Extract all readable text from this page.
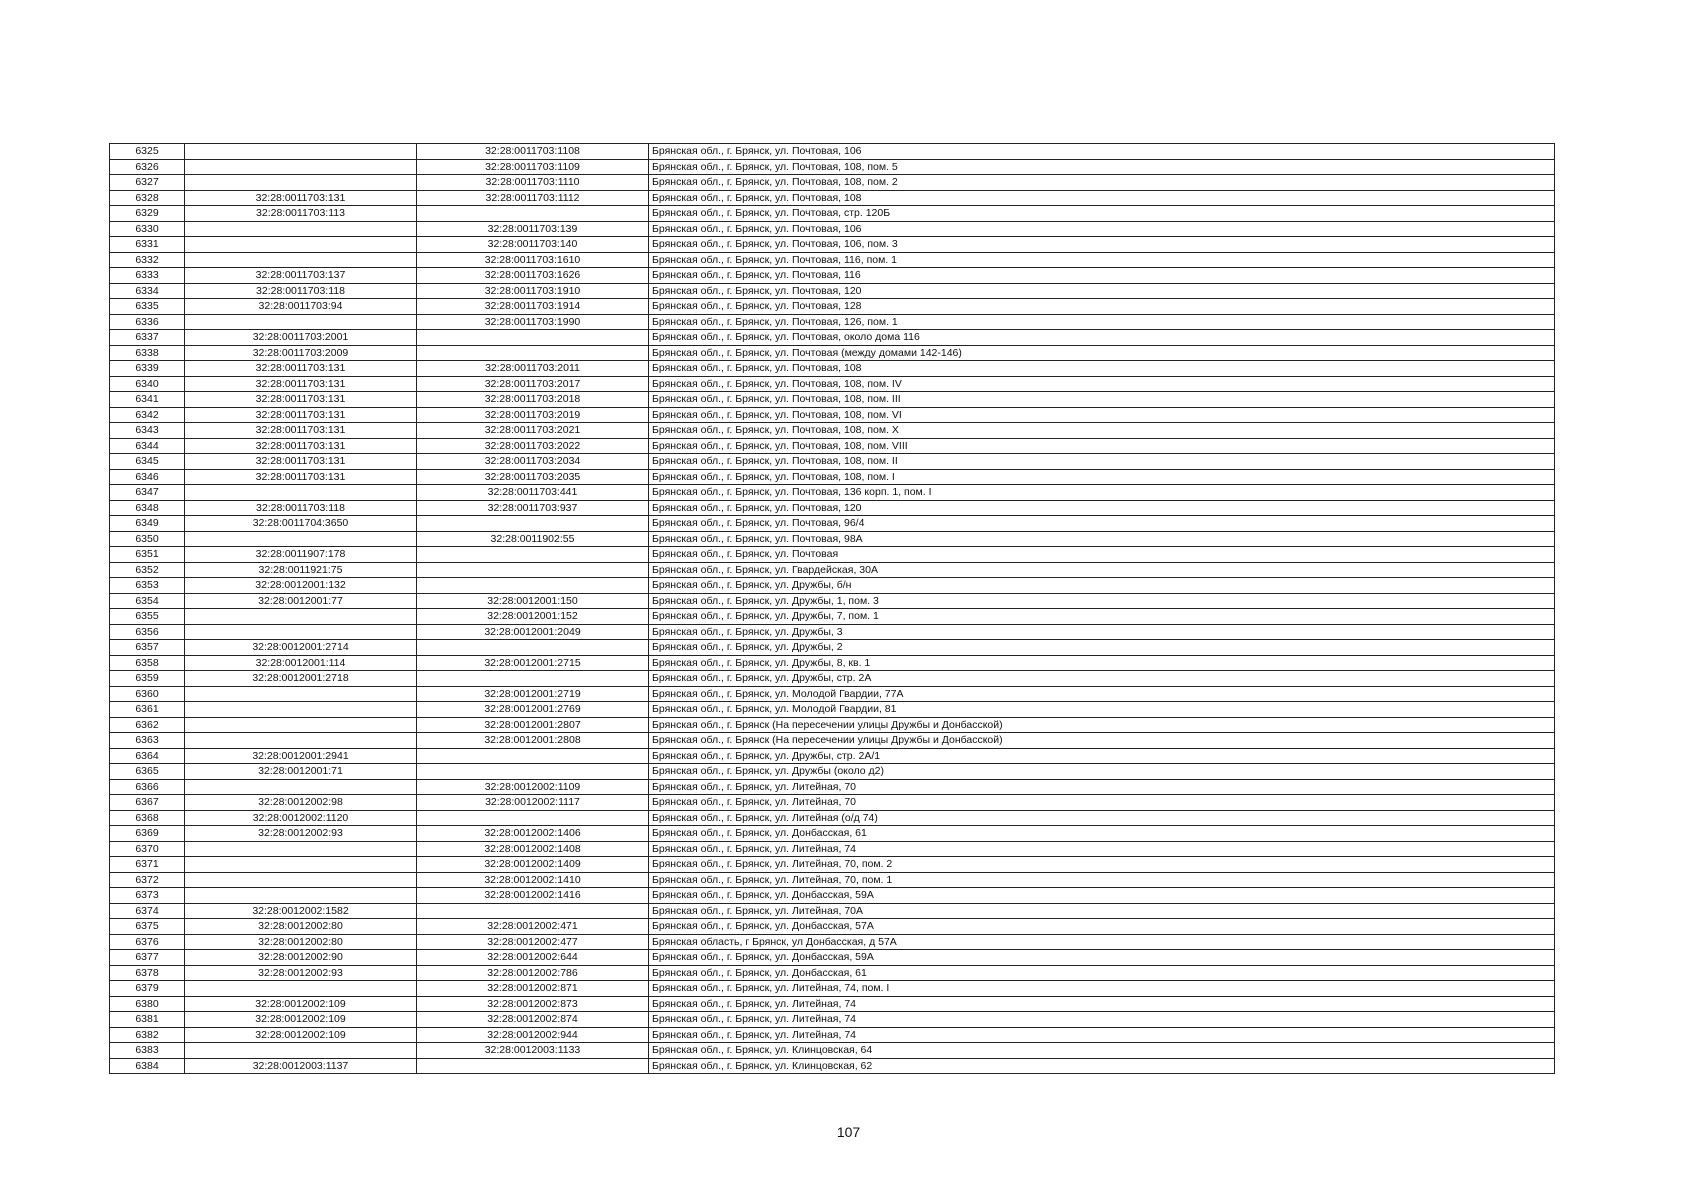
6325		32:28:0011703:1108	Брянская обл., г. Брянск, ул. Почтовая, 106
6326		32:28:0011703:1109	Брянская обл., г. Брянск, ул. Почтовая, 108, пом. 5
6327		32:28:0011703:1110	Брянская обл., г. Брянск, ул. Почтовая, 108, пом. 2
6328	32:28:0011703:131	32:28:0011703:1112	Брянская обл., г. Брянск, ул. Почтовая, 108
6329	32:28:0011703:113		Брянская обл., г. Брянск, ул. Почтовая, стр. 120Б
6330		32:28:0011703:139	Брянская обл., г. Брянск, ул. Почтовая, 106
6331		32:28:0011703:140	Брянская обл., г. Брянск, ул. Почтовая, 106, пом. 3
6332		32:28:0011703:1610	Брянская обл., г. Брянск, ул. Почтовая, 116, пом. 1
6333	32:28:0011703:137	32:28:0011703:1626	Брянская обл., г. Брянск, ул. Почтовая, 116
6334	32:28:0011703:118	32:28:0011703:1910	Брянская обл., г. Брянск, ул. Почтовая, 120
6335	32:28:0011703:94	32:28:0011703:1914	Брянская обл., г. Брянск, ул. Почтовая, 128
6336		32:28:0011703:1990	Брянская обл., г. Брянск, ул. Почтовая, 126, пом. 1
6337	32:28:0011703:2001		Брянская обл., г. Брянск, ул. Почтовая, около дома 116
6338	32:28:0011703:2009		Брянская обл., г. Брянск, ул. Почтовая (между домами 142-146)
6339	32:28:0011703:131	32:28:0011703:2011	Брянская обл., г. Брянск, ул. Почтовая, 108
6340	32:28:0011703:131	32:28:0011703:2017	Брянская обл., г. Брянск, ул. Почтовая, 108, пом. IV
6341	32:28:0011703:131	32:28:0011703:2018	Брянская обл., г. Брянск, ул. Почтовая, 108, пом. III
6342	32:28:0011703:131	32:28:0011703:2019	Брянская обл., г. Брянск, ул. Почтовая, 108, пом. VI
6343	32:28:0011703:131	32:28:0011703:2021	Брянская обл., г. Брянск, ул. Почтовая, 108, пом. X
6344	32:28:0011703:131	32:28:0011703:2022	Брянская обл., г. Брянск, ул. Почтовая, 108, пом. VIII
6345	32:28:0011703:131	32:28:0011703:2034	Брянская обл., г. Брянск, ул. Почтовая, 108, пом. II
6346	32:28:0011703:131	32:28:0011703:2035	Брянская обл., г. Брянск, ул. Почтовая, 108, пом. I
6347		32:28:0011703:441	Брянская обл., г. Брянск, ул. Почтовая, 136 корп. 1, пом. I
6348	32:28:0011703:118	32:28:0011703:937	Брянская обл., г. Брянск, ул. Почтовая, 120
6349	32:28:0011704:3650		Брянская обл., г. Брянск, ул. Почтовая, 96/4
6350		32:28:0011902:55	Брянская обл., г. Брянск, ул. Почтовая, 98А
6351	32:28:0011907:178		Брянская обл., г. Брянск, ул. Почтовая
6352	32:28:0011921:75		Брянская обл., г. Брянск, ул. Гвардейская, 30А
6353	32:28:0012001:132		Брянская обл., г. Брянск, ул. Дружбы, б/н
6354	32:28:0012001:77	32:28:0012001:150	Брянская обл., г. Брянск, ул. Дружбы, 1, пом. 3
6355		32:28:0012001:152	Брянская обл., г. Брянск, ул. Дружбы, 7, пом. 1
6356		32:28:0012001:2049	Брянская обл., г. Брянск, ул. Дружбы, 3
6357	32:28:0012001:2714		Брянская обл., г. Брянск, ул. Дружбы, 2
6358	32:28:0012001:114	32:28:0012001:2715	Брянская обл., г. Брянск, ул. Дружбы, 8, кв. 1
6359	32:28:0012001:2718		Брянская обл., г. Брянск, ул. Дружбы, стр. 2А
6360		32:28:0012001:2719	Брянская обл., г. Брянск, ул. Молодой Гвардии, 77А
6361		32:28:0012001:2769	Брянская обл., г. Брянск, ул. Молодой Гвардии, 81
6362		32:28:0012001:2807	Брянская обл., г. Брянск (На пересечении улицы Дружбы и Донбасской)
6363		32:28:0012001:2808	Брянская обл., г. Брянск (На пересечении улицы Дружбы и Донбасской)
6364	32:28:0012001:2941		Брянская обл., г. Брянск, ул. Дружбы, стр. 2А/1
6365	32:28:0012001:71		Брянская обл., г. Брянск, ул. Дружбы (около д2)
6366		32:28:0012002:1109	Брянская обл., г. Брянск, ул. Литейная, 70
6367	32:28:0012002:98	32:28:0012002:1117	Брянская обл., г. Брянск, ул. Литейная, 70
6368	32:28:0012002:1120		Брянская обл., г. Брянск, ул. Литейная (о/д 74)
6369	32:28:0012002:93	32:28:0012002:1406	Брянская обл., г. Брянск, ул. Донбасская, 61
6370		32:28:0012002:1408	Брянская обл., г. Брянск, ул. Литейная, 74
6371		32:28:0012002:1409	Брянская обл., г. Брянск, ул. Литейная, 70, пом. 2
6372		32:28:0012002:1410	Брянская обл., г. Брянск, ул. Литейная, 70, пом. 1
6373		32:28:0012002:1416	Брянская обл., г. Брянск, ул. Донбасская, 59А
6374	32:28:0012002:1582		Брянская обл., г. Брянск, ул. Литейная, 70А
6375	32:28:0012002:80	32:28:0012002:471	Брянская обл., г. Брянск, ул. Донбасская, 57А
6376	32:28:0012002:80	32:28:0012002:477	Брянская область, г Брянск, ул Донбасская, д 57А
6377	32:28:0012002:90	32:28:0012002:644	Брянская обл., г. Брянск, ул. Донбасская, 59А
6378	32:28:0012002:93	32:28:0012002:786	Брянская обл., г. Брянск, ул. Донбасская, 61
6379		32:28:0012002:871	Брянская обл., г. Брянск, ул. Литейная, 74, пом. I
6380	32:28:0012002:109	32:28:0012002:873	Брянская обл., г. Брянск, ул. Литейная, 74
6381	32:28:0012002:109	32:28:0012002:874	Брянская обл., г. Брянск, ул. Литейная, 74
6382	32:28:0012002:109	32:28:0012002:944	Брянская обл., г. Брянск, ул. Литейная, 74
6383		32:28:0012003:1133	Брянская обл., г. Брянск, ул. Клинцовская, 64
6384	32:28:0012003:1137		Брянская обл., г. Брянск, ул. Клинцовская, 62
107
